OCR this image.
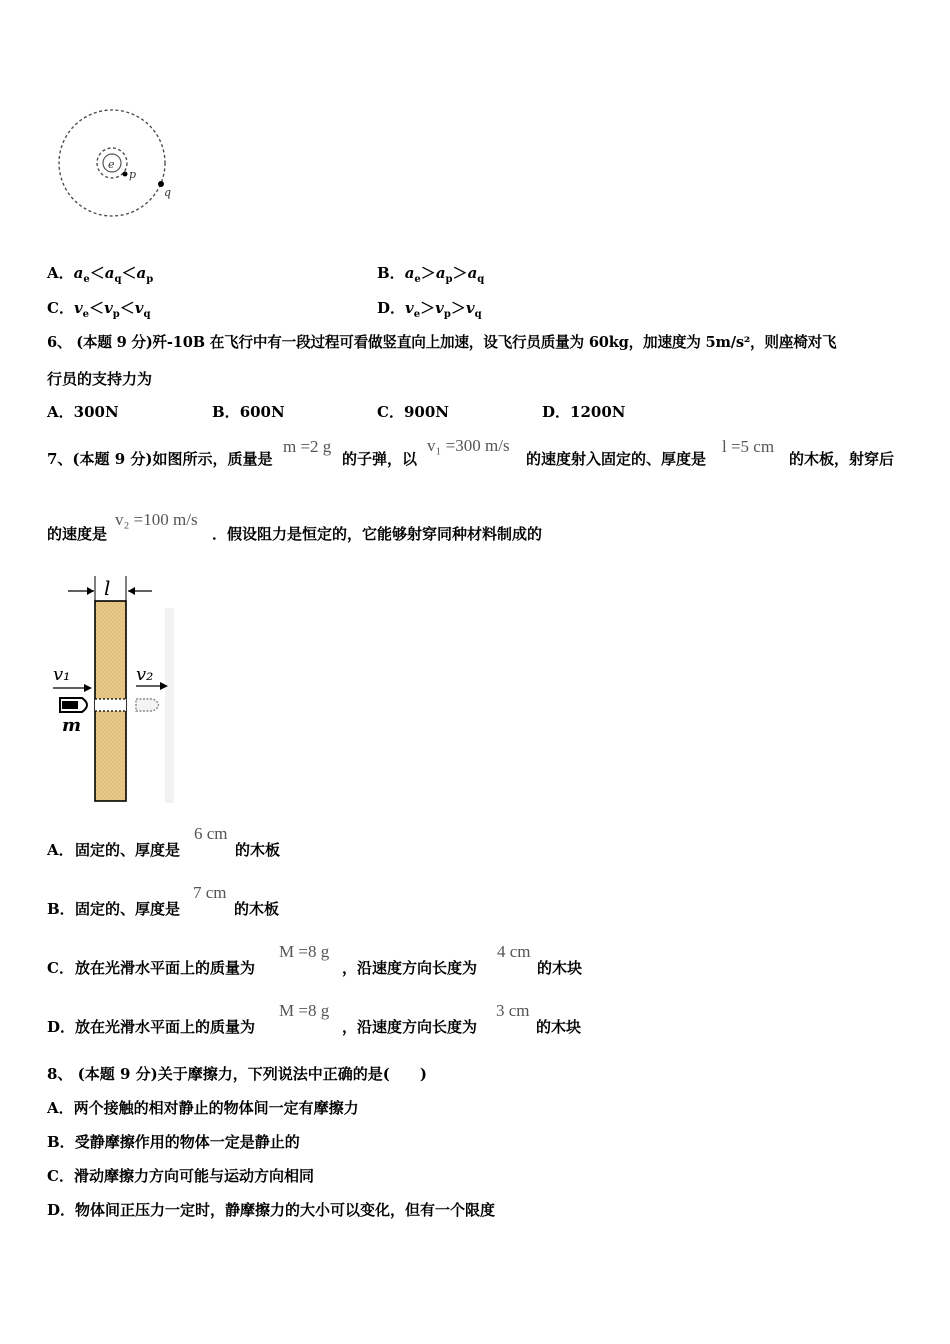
e
p
q
A．$a_e<a_q<a_p$	B．$a_e>a_p>a_q$
C．$v_e<v_p<v_q$	D．$v_e>v_p>v_q$
6、 (本题 9 分)歼-10B 在飞行中有一段过程可看做竖直向上加速，设飞行员质量为 60kg，加速度为 5m/s²，则座椅对飞
行员的支持力为
A．300N	B．600N	C．900N	D．1200N
7、(本题 9 分)如图所示，质量是
m =2 g
的子弹，以
v₁ =300 m/s
的速度射入固定的、厚度是
l =5 cm
的木板，射穿后
的速度是
v₂ =100 m/s
．假设阻力是恒定的，它能够射穿同种材料制成的
l
v₁	v₂
m
A． 固定的、厚度是
6 cm
的木板
B． 固定的、厚度是
7 cm
的木板
C． 放在光滑水平面上的质量为
M =8 g
，沿速度方向长度为
4 cm
的木块
D． 放在光滑水平面上的质量为
M =8 g
，沿速度方向长度为
3 cm
的木块
8、 (本题 9 分)关于摩擦力，下列说法中正确的是(　　)
A．两个接触的相对静止的物体间一定有摩擦力
B．受静摩擦作用的物体一定是静止的
C．滑动摩擦力方向可能与运动方向相同
D．物体间正压力一定时，静摩擦力的大小可以变化，但有一个限度
